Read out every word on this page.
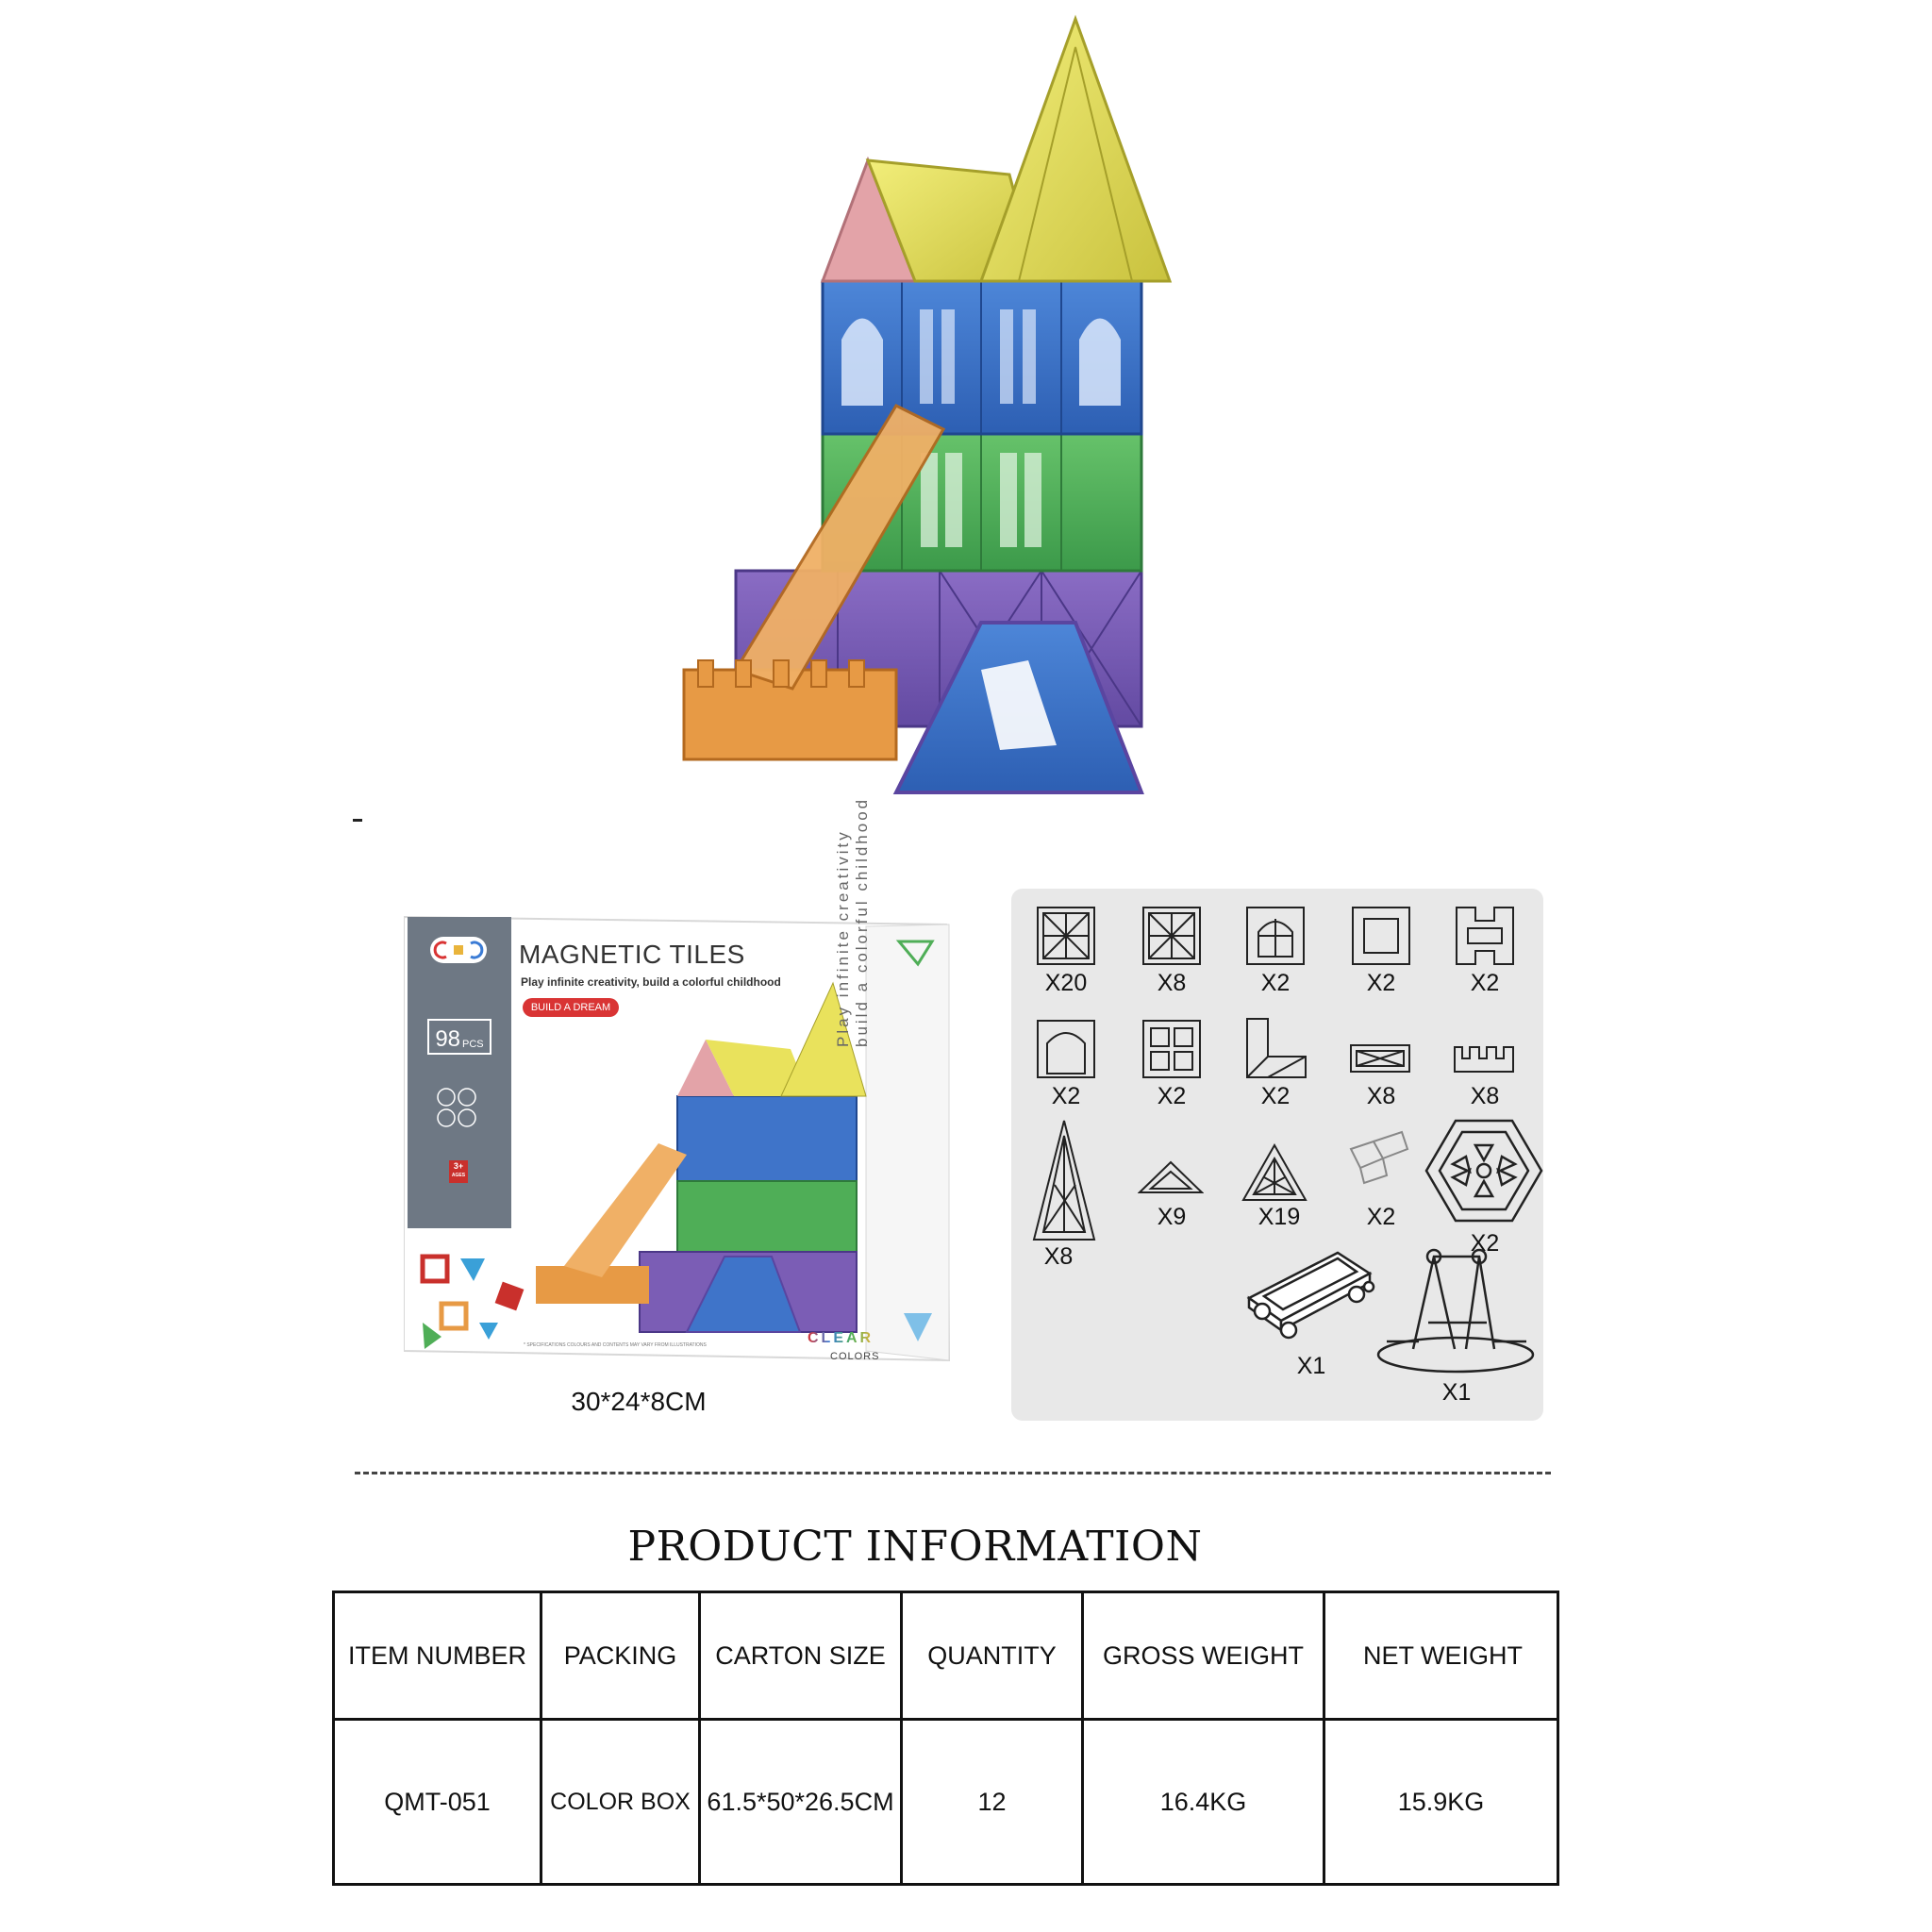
98 PCS
3+
AGES
MAGNETIC TILES
Play infinite creativity, build a colorful childhood
BUILD A DREAM	Play infinite creativity build a colorful childhood
* SPECIFICATIONS COLOURS AND CONTENTS MAY VARY FROM ILLUSTRATIONS	CLEAR
COLORS
30*24*8CM
X20	X8	X2	X2	X2
X2	X2	X2	X8	X8
X8
X9	X19	X2
X2
X1
X1
PRODUCT INFORMATION
ITEM NUMBER	PACKING	CARTON SIZE	QUANTITY	GROSS WEIGHT	NET WEIGHT
QMT-051	COLOR BOX	61.5*50*26.5CM	12	16.4KG	15.9KG
